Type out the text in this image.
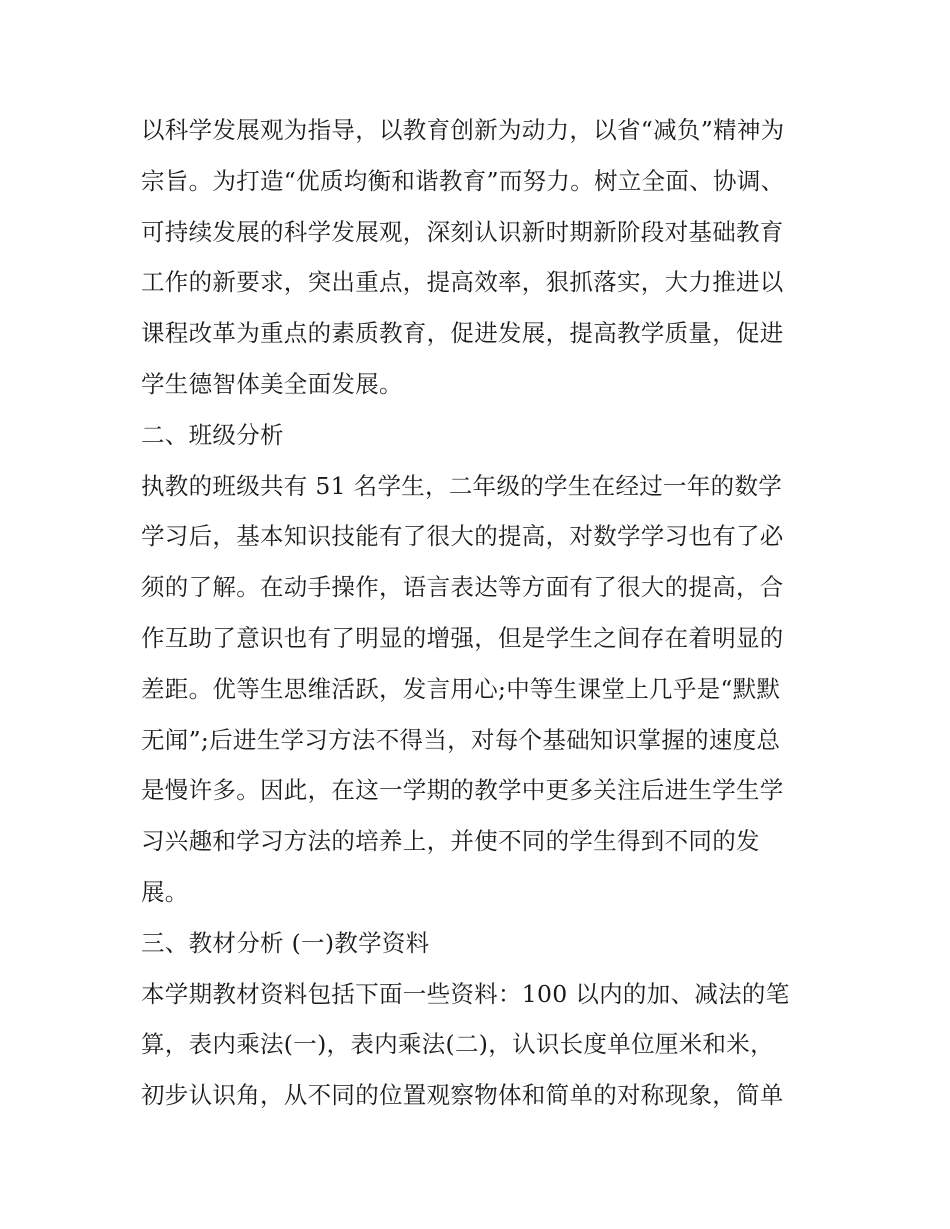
以科学发展观为指导，以教育创新为动力，以省“减负”精神为
宗旨。为打造“优质均衡和谐教育”而努力。树立全面、协调、
可持续发展的科学发展观，深刻认识新时期新阶段对基础教育
工作的新要求，突出重点，提高效率，狠抓落实，大力推进以
课程改革为重点的素质教育，促进发展，提高教学质量，促进
学生德智体美全面发展。
二、班级分析
执教的班级共有 51 名学生，二年级的学生在经过一年的数学
学习后，基本知识技能有了很大的提高，对数学学习也有了必
须的了解。在动手操作，语言表达等方面有了很大的提高，合
作互助了意识也有了明显的增强，但是学生之间存在着明显的
差距。优等生思维活跃，发言用心;中等生课堂上几乎是“默默
无闻”;后进生学习方法不得当，对每个基础知识掌握的速度总
是慢许多。因此，在这一学期的教学中更多关注后进生学生学
习兴趣和学习方法的培养上，并使不同的学生得到不同的发
展。
三、教材分析 (一)教学资料
本学期教材资料包括下面一些资料：100 以内的加、减法的笔
算，表内乘法(一)，表内乘法(二)，认识长度单位厘米和米，
初步认识角，从不同的位置观察物体和简单的对称现象，简单
